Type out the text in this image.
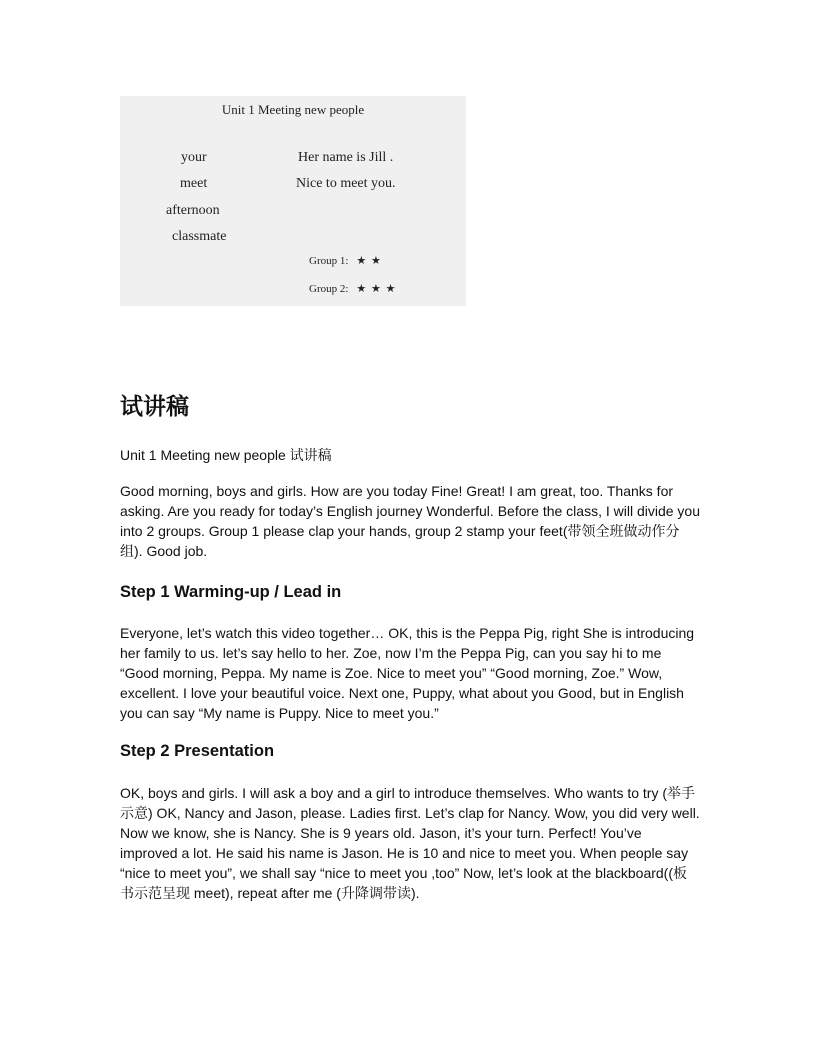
Unit 1 Meeting new people
your
meet
afternoon
classmate
Her name is Jill .
Nice to meet you.
Group 1: ★ ★
Group 2: ★ ★ ★
试讲稿

Unit 1 Meeting new people 试讲稿

Good morning, boys and girls. How are you today Fine! Great! I am great, too. Thanks for asking. Are you ready for today’s English journey Wonderful. Before the class, I will divide you into 2 groups. Group 1 please clap your hands, group 2 stamp your feet(带领全班做动作分组). Good job.

Step 1 Warming-up / Lead in

Everyone, let’s watch this video together… OK, this is the Peppa Pig, right She is introducing her family to us. let’s say hello to her. Zoe, now I’m the Peppa Pig, can you say hi to me “Good morning, Peppa. My name is Zoe. Nice to meet you” “Good morning, Zoe.” Wow, excellent. I love your beautiful voice. Next one, Puppy, what about you Good, but in English you can say “My name is Puppy. Nice to meet you.”

Step 2 Presentation

OK, boys and girls. I will ask a boy and a girl to introduce themselves. Who wants to try (举手示意) OK, Nancy and Jason, please. Ladies first. Let’s clap for Nancy. Wow, you did very well. Now we know, she is Nancy. She is 9 years old. Jason, it’s your turn. Perfect! You’ve improved a lot. He said his name is Jason. He is 10 and nice to meet you. When people say “nice to meet you”, we shall say “nice to meet you ,too” Now, let’s look at the blackboard((板书示范呈现 meet), repeat after me (升降调带读).
